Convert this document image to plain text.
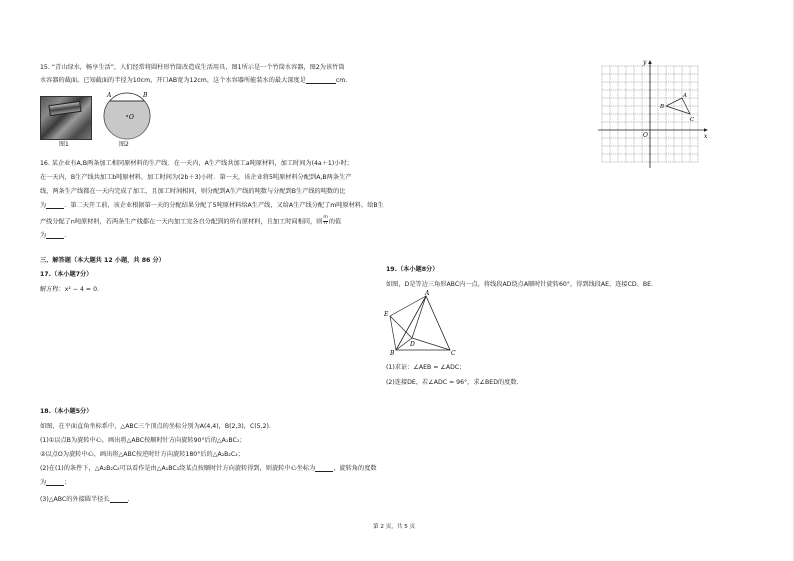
15. “青山绿水，畅享生活”，人们经常将圆柱形竹筒改造成生活用具，图1所示是一个竹筒水容器，图2为该竹筒
水容器的截面。已知截面的半径为10cm，开口AB宽为12cm，这个水容器所能装水的最大深度是	cm.
图1
A	B
O
图2
16. 某企业有A,B两条加工相同原材料的生产线．在一天内，A生产线共加工a吨原材料，加工时间为(4a＋1)小时；
在一天内，B生产线共加工b吨原材料，加工时间为(2b＋3)小时．第一天，该企业将5吨原材料分配到A,B两条生产
线，两条生产线都在一天内完成了加工，且加工时间相同，则分配到A生产线的吨数与分配到B生产线的吨数的比
为	．第二天开工前，该企业根据第一天的分配结果分配了5吨原材料给A生产线，又给A生产线分配了m吨原材料，给B生
产线分配了n吨原材料，若两条生产线都在一天内加工完各自分配到的所有原材料，且加工时间相同，则 $\frac{m}{n}$ 的值
为	.
三、解答题（本大题共 12 小题，共 86 分）
17.（本小题7分）
解方程：x² − 4 = 0.
18.（本小题5分）
如图，在平面直角坐标系中，△ABC三个顶点的坐标分别为A(4,4)，B(2,3)，C(5,2).
(1)①以点B为旋转中心，画出将△ABC按顺时针方向旋转90°后的△A₁BC₁；
②以点O为旋转中心，画出将△ABC按逆时针方向旋转180°后的△A₂B₂C₂；
(2)在(1)的条件下，△A₂B₂C₂可以看作是由△A₁BC₁绕某点按顺时针方向旋转得到，则旋转中心坐标为	，旋转角的度数
为	；
(3)△ABC的外接圆半径长	.
x
y
O
A
B
C
19.（本小题8分）
如图，D是等边三角形ABC内一点，将线段AD绕点A顺时针旋转60°，得到线段AE，连接CD、BE.
A
E
B
D
C
(1)求证：∠AEB = ∠ADC；
(2)连接DE，若∠ADC = 96°，求∠BED的度数.
第 2 页，共 5 页
